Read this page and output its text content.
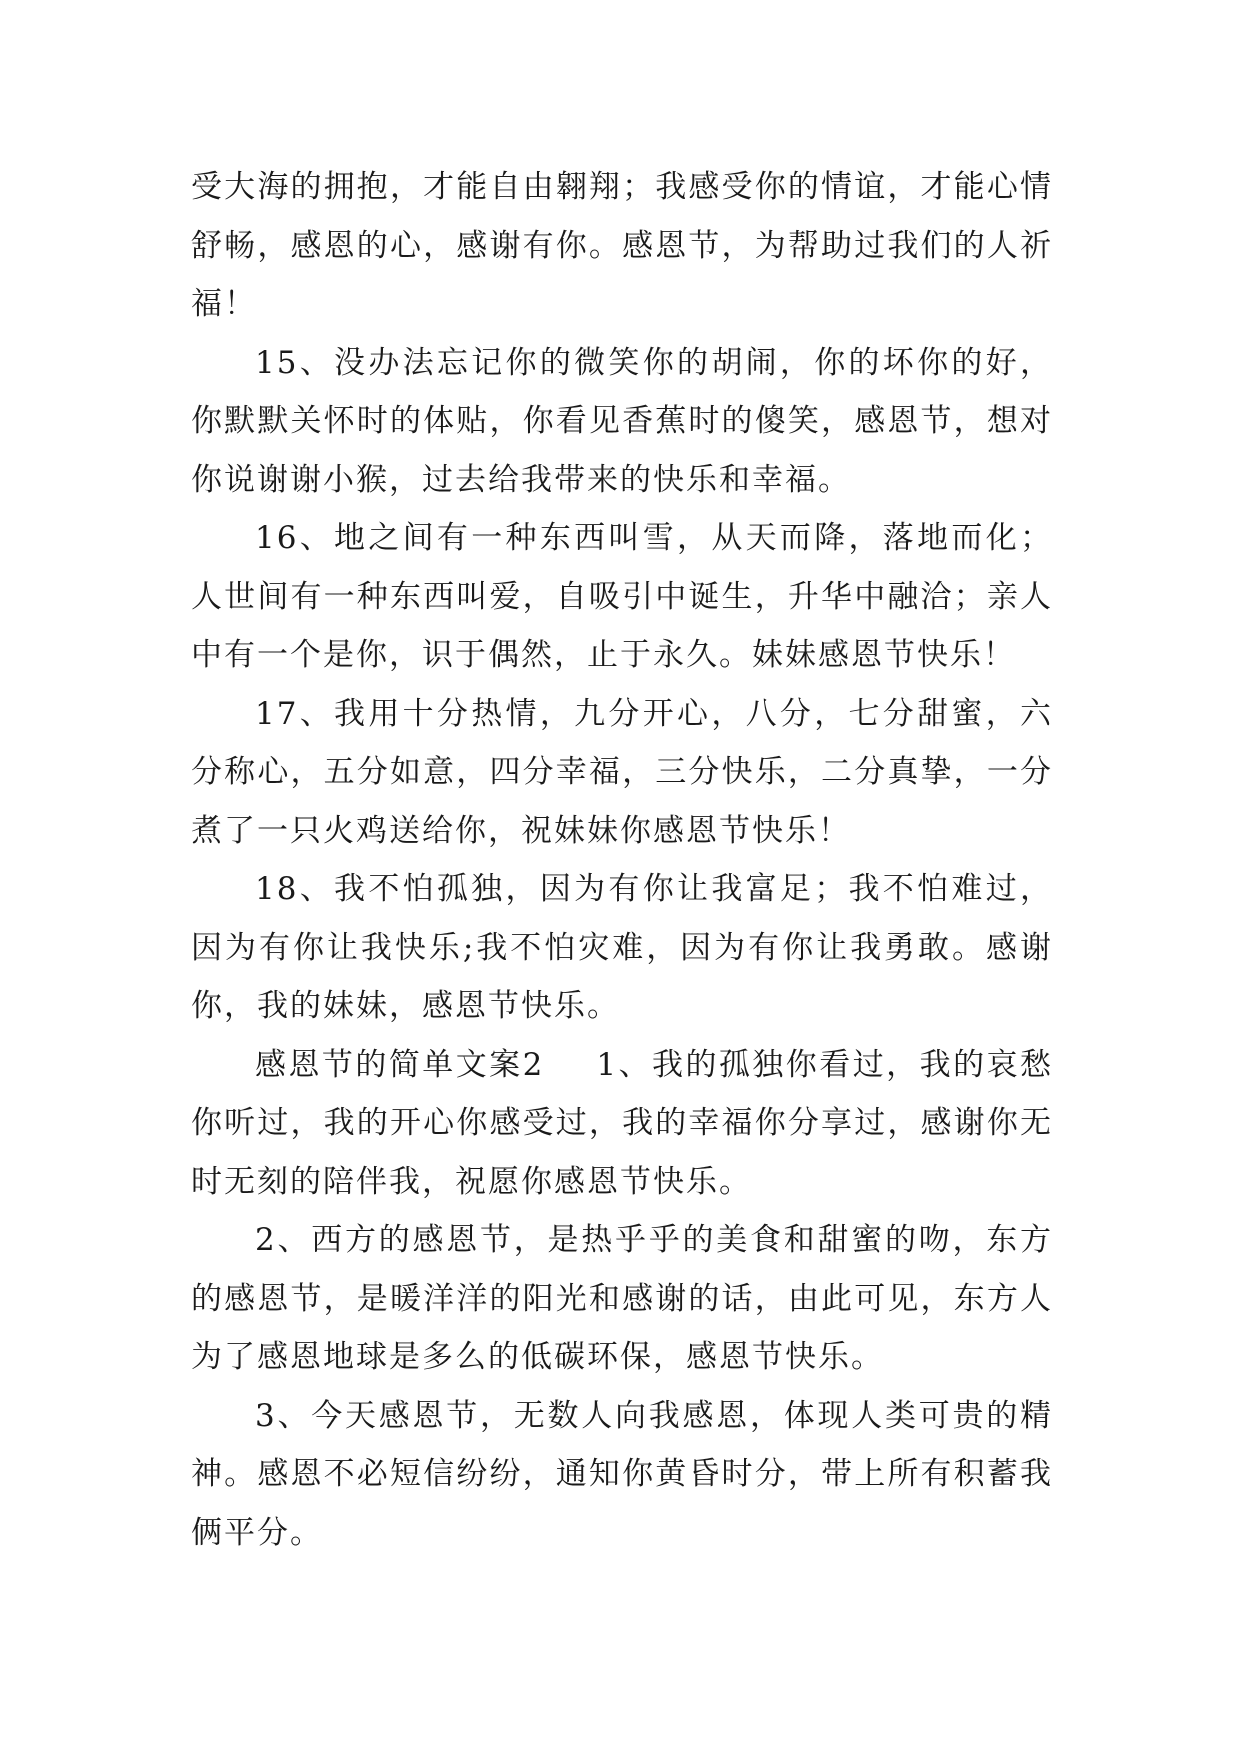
受大海的拥抱，才能自由翱翔；我感受你的情谊，才能心情舒畅，感恩的心，感谢有你。感恩节，为帮助过我们的人祈福！

15、没办法忘记你的微笑你的胡闹，你的坏你的好，你默默关怀时的体贴，你看见香蕉时的傻笑，感恩节，想对你说谢谢小猴，过去给我带来的快乐和幸福。

16、地之间有一种东西叫雪，从天而降，落地而化；人世间有一种东西叫爱，自吸引中诞生，升华中融洽；亲人中有一个是你，识于偶然，止于永久。妹妹感恩节快乐！

17、我用十分热情，九分开心，八分，七分甜蜜，六分称心，五分如意，四分幸福，三分快乐，二分真挚，一分煮了一只火鸡送给你，祝妹妹你感恩节快乐！

18、我不怕孤独，因为有你让我富足；我不怕难过，因为有你让我快乐;我不怕灾难，因为有你让我勇敢。感谢你，我的妹妹，感恩节快乐。

感恩节的简单文案2 1、我的孤独你看过，我的哀愁你听过，我的开心你感受过，我的幸福你分享过，感谢你无时无刻的陪伴我，祝愿你感恩节快乐。

2、西方的感恩节，是热乎乎的美食和甜蜜的吻，东方的感恩节，是暖洋洋的阳光和感谢的话，由此可见，东方人为了感恩地球是多么的低碳环保，感恩节快乐。

3、今天感恩节，无数人向我感恩，体现人类可贵的精神。感恩不必短信纷纷，通知你黄昏时分，带上所有积蓄我俩平分。
